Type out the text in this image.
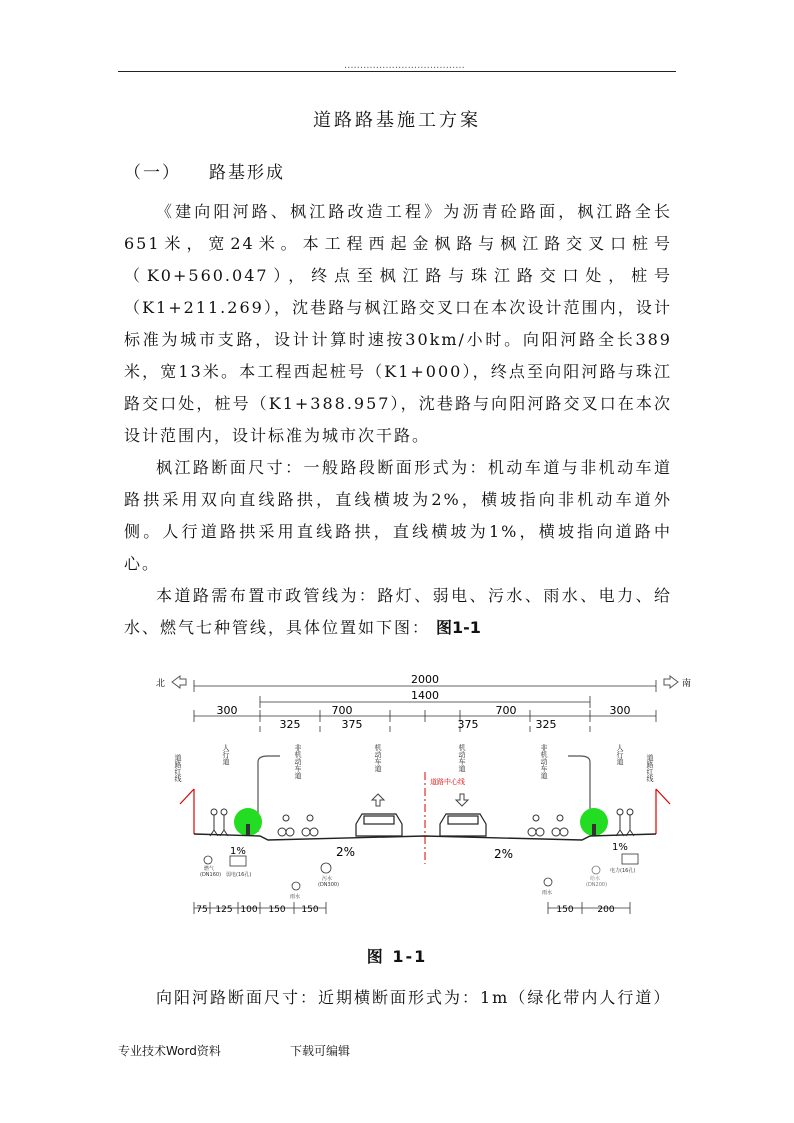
......................................
道路路基施工方案
（一） 路基形成

《建向阳河路、枫江路改造工程》为沥青砼路面，枫江路全长651米，宽24米。本工程西起金枫路与枫江路交叉口桩号（K0+560.047），终点至枫江路与珠江路交口处，桩号（K1+211.269），沈巷路与枫江路交叉口在本次设计范围内，设计标准为城市支路，设计计算时速按30km/小时。向阳河路全长389米，宽13米。本工程西起桩号（K1+000），终点至向阳河路与珠江路交口处，桩号（K1+388.957），沈巷路与向阳河路交叉口在本次设计范围内，设计标准为城市次干路。

枫江路断面尺寸：一般路段断面形式为：机动车道与非机动车道路拱采用双向直线路拱，直线横坡为2%，横坡指向非机动车道外侧。人行道路拱采用直线路拱，直线横坡为1%，横坡指向道路中心。

本道路需布置市政管线为：路灯、弱电、污水、雨水、电力、给水、燃气七种管线，具体位置如下图： 图1-1

北	南
2000
1400
300
325
700
375	375
700
325
300
人行道	非机动车道	机动车道	机动车道	非机动车道	人行道
道路红线	道路红线
道路中心线
1%	1%
2%	2%
燃气
(DN160) 弱电(16孔)
污水
(DN300)
雨水
雨水
给水
(DN200)
电力(16孔)
75 125 100 150 150	150	200
图 1-1

向阳河路断面尺寸：近期横断面形式为：1m（绿化带内人行道）

专业技术Word资料	下载可编辑
